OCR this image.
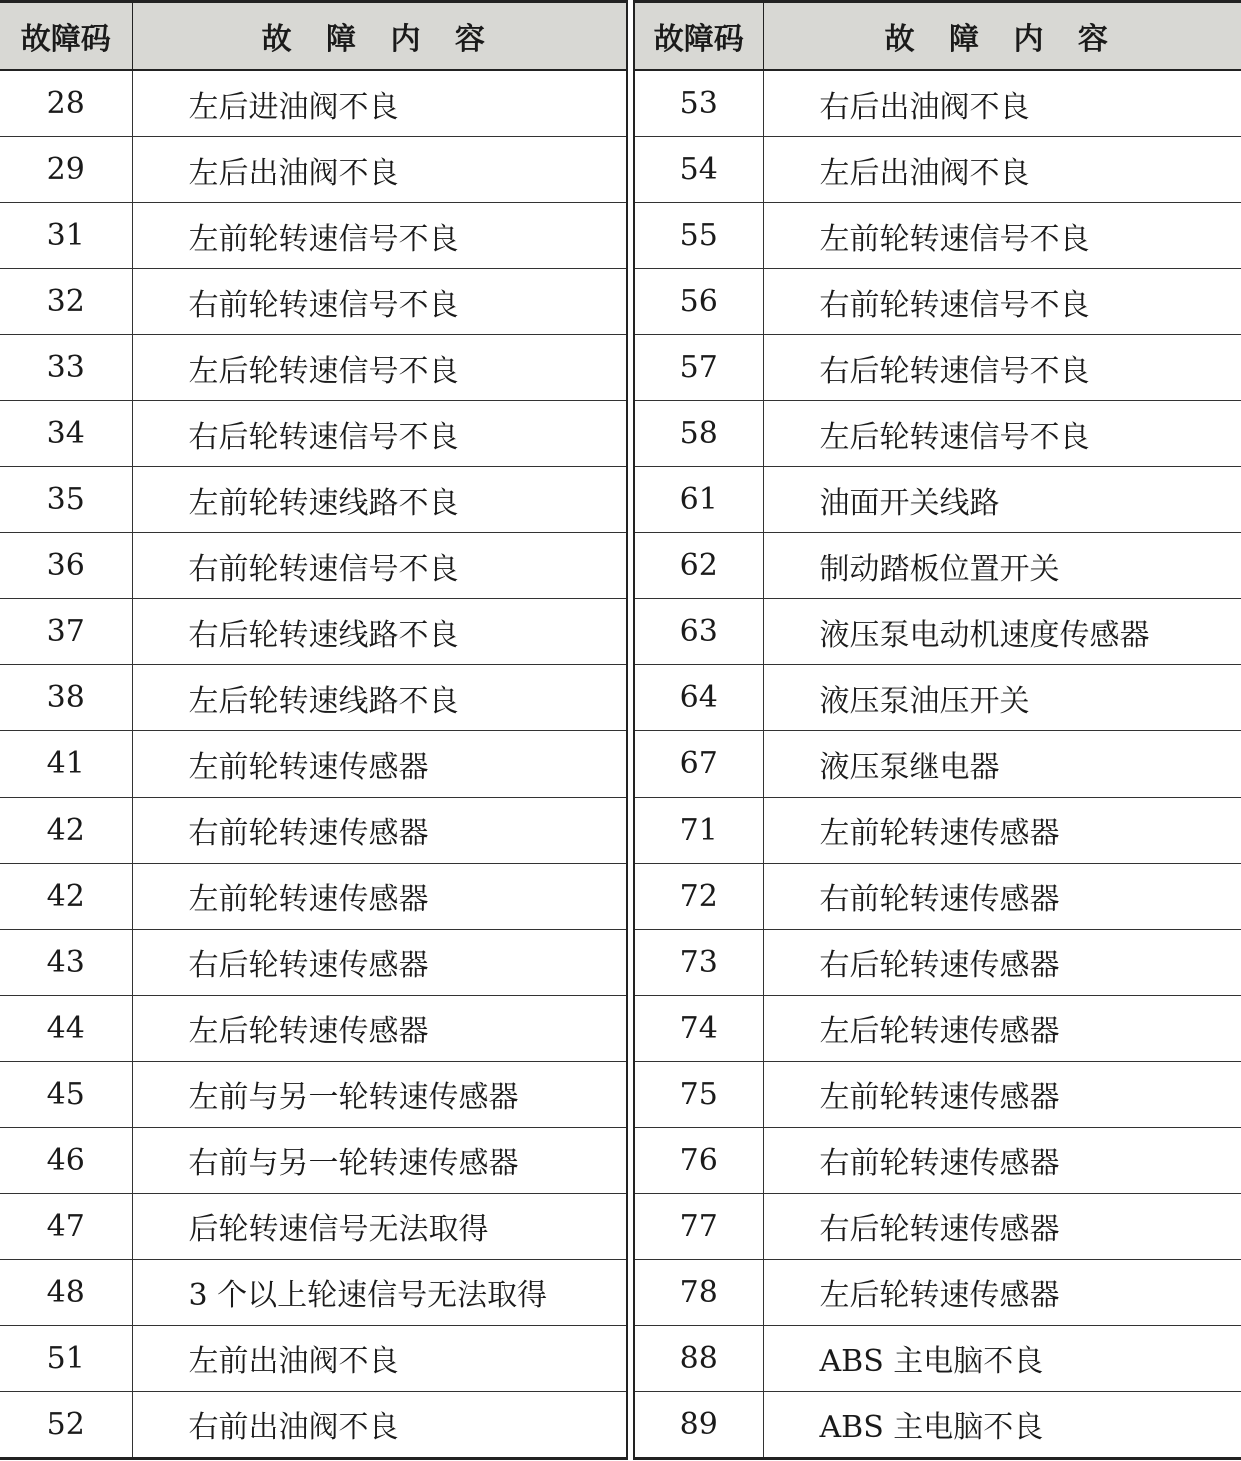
故障码	故 障 内 容		故障码	故 障 内 容
28	左后进油阀不良		53	右后出油阀不良
29	左后出油阀不良		54	左后出油阀不良
31	左前轮转速信号不良		55	左前轮转速信号不良
32	右前轮转速信号不良		56	右前轮转速信号不良
33	左后轮转速信号不良		57	右后轮转速信号不良
34	右后轮转速信号不良		58	左后轮转速信号不良
35	左前轮转速线路不良		61	油面开关线路
36	右前轮转速信号不良		62	制动踏板位置开关
37	右后轮转速线路不良		63	液压泵电动机速度传感器
38	左后轮转速线路不良		64	液压泵油压开关
41	左前轮转速传感器		67	液压泵继电器
42	右前轮转速传感器		71	左前轮转速传感器
42	左前轮转速传感器		72	右前轮转速传感器
43	右后轮转速传感器		73	右后轮转速传感器
44	左后轮转速传感器		74	左后轮转速传感器
45	左前与另一轮转速传感器		75	左前轮转速传感器
46	右前与另一轮转速传感器		76	右前轮转速传感器
47	后轮转速信号无法取得		77	右后轮转速传感器
48	3 个以上轮速信号无法取得		78	左后轮转速传感器
51	左前出油阀不良		88	ABS 主电脑不良
52	右前出油阀不良		89	ABS 主电脑不良
